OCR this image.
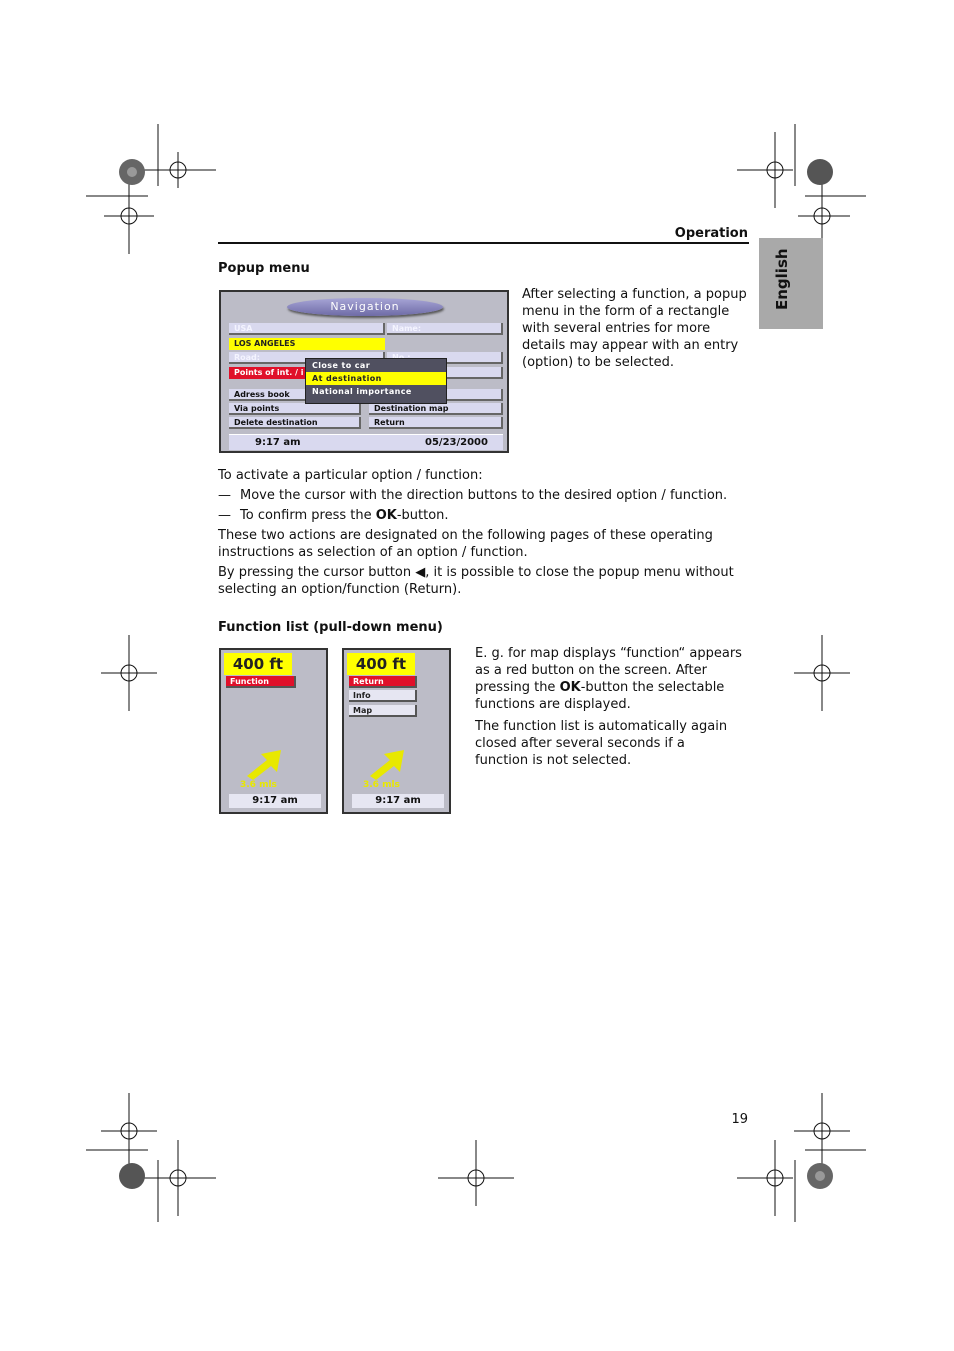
Operation
English
Popup menu
Navigation
USA	Name:
LOS ANGELES
Road:
Points of int. / i
Adress book
Via points	Destination map
Delete destination	Return
Close to car
At destination
National importance
9:17 am	05/23/2000
After selecting a function, a popup menu in the form of a rectangle with several entries for more details may appear with an entry (option) to be selected.
To activate a particular option / function:
— Move the cursor with the direction buttons to the desired option / function.
— To confirm press the OK-button.
These two actions are designated on the following pages of these operating instructions as selection of an option / function.
By pressing the cursor button ◀, it is possible to close the popup menu without selecting an option/function (Return).
Function list (pull-down menu)
400 ft
Function
3.6 mls
9:17 am
400 ft
Return
Info
Map
3.6 mls
9:17 am
E. g. for map displays “function“ appears as a red button on the screen. After pressing the OK-button the selectable functions are displayed.
The function list is automatically again closed after several seconds if a function is not selected.
19
